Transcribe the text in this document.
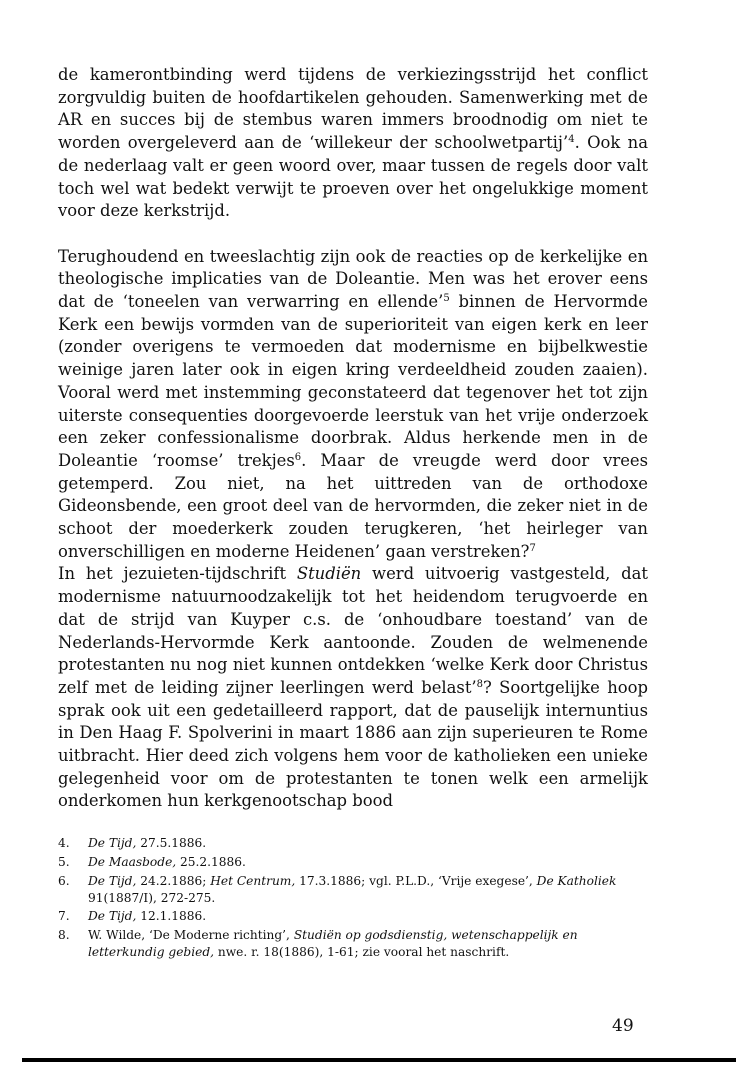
de kamerontbinding werd tijdens de verkiezingsstrijd het conflict zorgvuldig buiten de hoofdartikelen gehouden. Samenwerking met de AR en succes bij de stembus waren immers broodnodig om niet te worden overgeleverd aan de ‘willekeur der schoolwetpartij’$^4$. Ook na de nederlaag valt er geen woord over, maar tussen de regels door valt toch wel wat bedekt verwijt te proeven over het ongelukkige moment voor deze kerkstrijd.

Terughoudend en tweeslachtig zijn ook de reacties op de kerkelijke en theologische implicaties van de Doleantie. Men was het erover eens dat de ‘toneelen van verwarring en ellende’$^5$ binnen de Hervormde Kerk een bewijs vormden van de superioriteit van eigen kerk en leer (zonder overigens te vermoeden dat modernisme en bijbelkwestie weinige jaren later ook in eigen kring verdeeldheid zouden zaaien). Vooral werd met instemming geconstateerd dat tegenover het tot zijn uiterste consequenties doorgevoerde leerstuk van het vrije onderzoek een zeker confessionalisme doorbrak. Aldus herkende men in de Doleantie ‘roomse’ trekjes$^6$. Maar de vreugde werd door vrees getemperd. Zou niet, na het uittreden van de orthodoxe Gideonsbende, een groot deel van de hervormden, die zeker niet in de schoot der moederkerk zouden terugkeren, ‘het heirleger van onverschilligen en moderne Heidenen’ gaan verstreken?$^7$

In het jezuieten-tijdschrift Studiën werd uitvoerig vastgesteld, dat modernisme natuurnoodzakelijk tot het heidendom terugvoerde en dat de strijd van Kuyper c.s. de ‘onhoudbare toestand’ van de Nederlands-Hervormde Kerk aantoonde. Zouden de welmenende protestanten nu nog niet kunnen ontdekken ‘welke Kerk door Christus zelf met de leiding zijner leerlingen werd belast’$^8$? Soortgelijke hoop sprak ook uit een gedetailleerd rapport, dat de pauselijk internuntius in Den Haag F. Spolverini in maart 1886 aan zijn superieuren te Rome uitbracht. Hier deed zich volgens hem voor de katholieken een unieke gelegenheid voor om de protestanten te tonen welk een armelijk onderkomen hun kerkgenootschap bood

4.	De Tijd, 27.5.1886.
5.	De Maasbode, 25.2.1886.
6.	De Tijd, 24.2.1886; Het Centrum, 17.3.1886; vgl. P.L.D., ‘Vrije exegese’, De Katholiek 91(1887/I), 272-275.
7.	De Tijd, 12.1.1886.
8.	W. Wilde, ‘De Moderne richting’, Studiën op godsdienstig, wetenschappelijk en letterkundig gebied, nwe. r. 18(1886), 1-61; zie vooral het naschrift.
49
